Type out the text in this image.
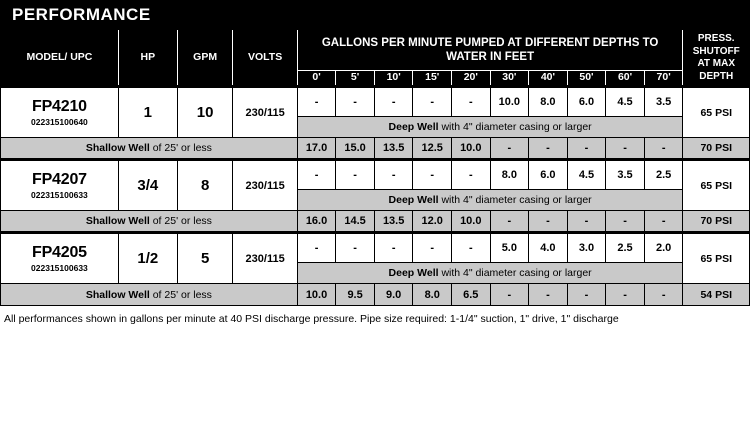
PERFORMANCE
MODEL/ UPC	HP	GPM	VOLTS	GALLONS PER MINUTE PUMPED AT DIFFERENT DEPTHS TO WATER IN FEET										PRESS. SHUTOFF AT MAX DEPTH
				0'	5'	10'	15'	20'	30'	40'	50'	60'	70'	

FP4210
022315100640	1	10	230/115	-	-	-	-	-	10.0	8.0	6.0	4.5	3.5	65 PSI
				Deep Well with 4" diameter casing or larger										
Shallow Well of 25' or less				17.0	15.0	13.5	12.5	10.0	-	-	-	-	-	70 PSI

FP4207
022315100633	3/4	8	230/115	-	-	-	-	-	8.0	6.0	4.5	3.5	2.5	65 PSI
				Deep Well with 4" diameter casing or larger										
Shallow Well of 25' or less				16.0	14.5	13.5	12.0	10.0	-	-	-	-	-	70 PSI

FP4205
022315100633	1/2	5	230/115	-	-	-	-	-	5.0	4.0	3.0	2.5	2.0	65 PSI
				Deep Well with 4" diameter casing or larger										
Shallow Well of 25' or less				10.0	9.5	9.0	8.0	6.5	-	-	-	-	-	54 PSI
All performances shown in gallons per minute at 40 PSI discharge pressure. Pipe size required: 1-1/4" suction, 1" drive, 1" discharge
